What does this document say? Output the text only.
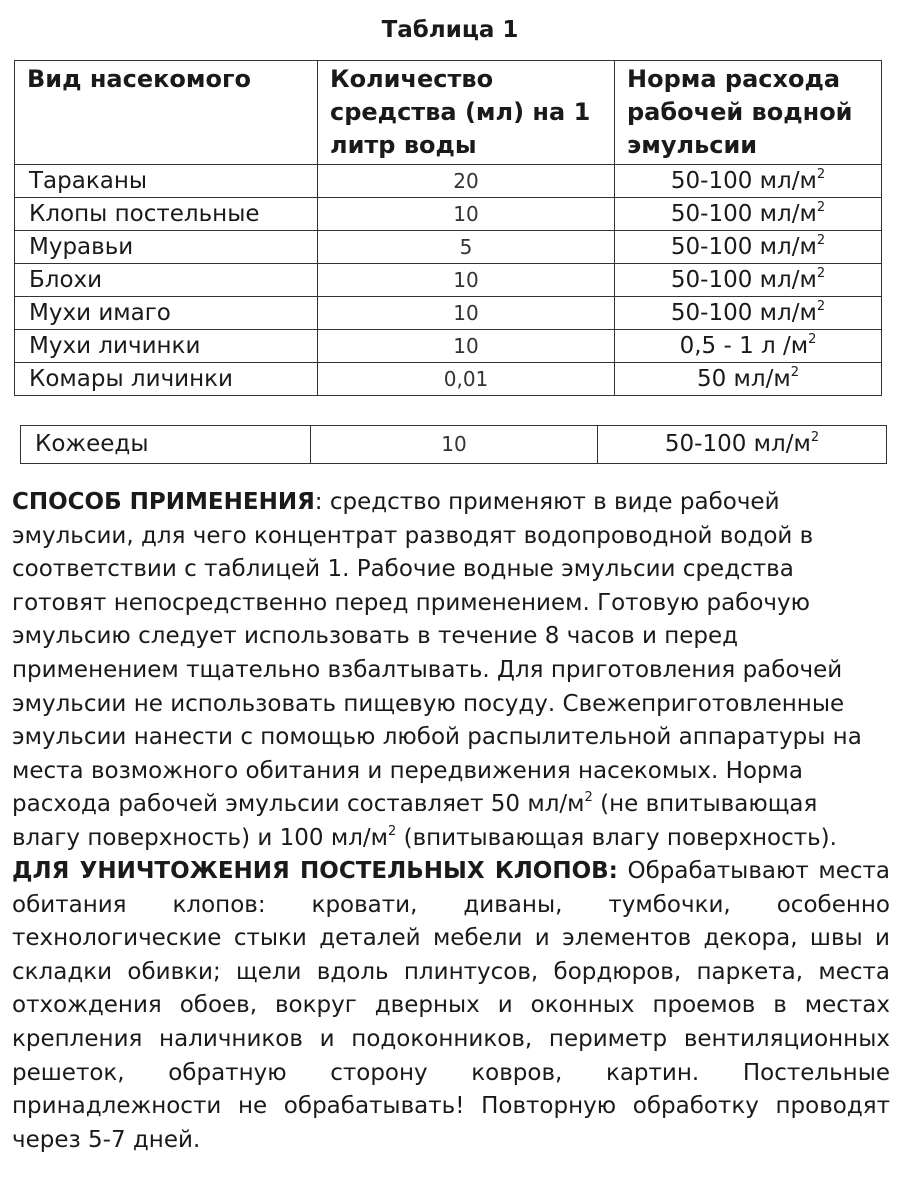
Таблица 1
Вид насекомого	Количество средства (мл) на 1 литр воды	Норма расхода рабочей водной эмульсии
Тараканы	20	50-100 $мл/м^2$
Клопы постельные	10	50-100 $мл/м^2$
Муравьи	5	50-100 $мл/м^2$
Блохи	10	50-100 $мл/м^2$
Мухи имаго	10	50-100 $мл/м^2$
Мухи личинки	10	0,5 - 1 л $/м^2$
Комары личинки	0,01	50 $мл/м^2$
Кожееды	10	50-100 $мл/м^2$

СПОСОБ ПРИМЕНЕНИЯ: средство применяют в виде рабочей эмульсии, для чего концентрат разводят водопроводной водой в соответствии с таблицей 1. Рабочие водные эмульсии средства готовят непосредственно перед применением. Готовую рабочую эмульсию следует использовать в течение 8 часов и перед применением тщательно взбалтывать. Для приготовления рабочей эмульсии не использовать пищевую посуду. Свежеприготовленные эмульсии нанести с помощью любой распылительной аппаратуры на места возможного обитания и передвижения насекомых. Норма расхода рабочей эмульсии составляет 50 $мл/м^2$ (не впитывающая влагу поверхность) и 100 $мл/м^2$ (впитывающая влагу поверхность).

ДЛЯ УНИЧТОЖЕНИЯ ПОСТЕЛЬНЫХ КЛОПОВ: Обрабатывают места обитания клопов: кровати, диваны, тумбочки, особенно технологические стыки деталей мебели и элементов декора, швы и складки обивки; щели вдоль плинтусов, бордюров, паркета, места отхождения обоев, вокруг дверных и оконных проемов в местах крепления наличников и подоконников, периметр вентиляционных решеток, обратную сторону ковров, картин. Постельные принадлежности не обрабатывать! Повторную обработку проводят через 5-7 дней.
